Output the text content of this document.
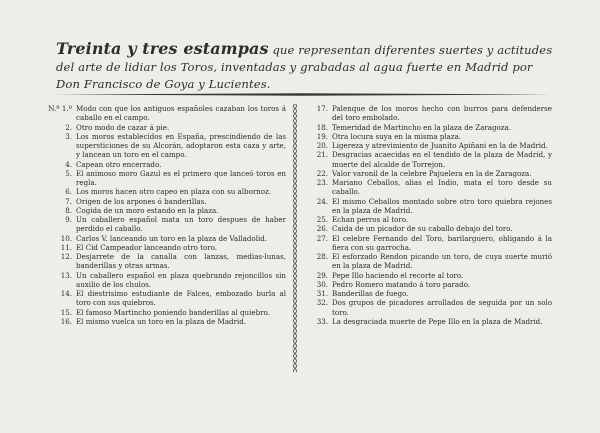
Treinta y tres estampas que representan diferentes suertes y actitudes del arte de lidiar los Toros, inventadas y grabadas al agua fuerte en Madrid por Don Francisco de Goya y Lucientes.
N.º 1.º Modo con que los antiguos españoles cazaban los toros á caballo en el campo.
2. Otro modo de cazar á pie.
3. Los moros establecidos en España, prescindiendo de las supersticiones de su Alcorán, adoptaron esta caza y arte, y lancean un toro en el campo.
4. Capean otro encerrado.
5. El animoso moro Gazul es el primero que lanceó toros en regla.
6. Los moros hacen otro capeo en plaza con su albornoz.
7. Origen de los arpones ó banderillas.
8. Cogida de un moro estando en la plaza.
9. Un caballero español mata un toro despues de haber perdido el caballo.
10. Carlos V. lanceando un toro en la plaza de Valladolid.
11. El Cid Campeador lanceando otro toro.
12. Desjarrete de la canalla con lanzas, medias-lunas, banderillas y otras armas.
13. Un caballero español en plaza quebrando rejoncillos sin auxilio de los chulos.
14. El diestrisimo estudiante de Falces, embozado burla al toro con sus quiebros.
15. El famoso Martincho poniendo banderillas al quiebro.
16. El mismo vuelca un toro en la plaza de Madrid.
17. Palenque de los moros hecho con burros para defenderse del toro embolado.
18. Temeridad de Martincho en la plaza de Zaragoza.
19. Otra locura suya en la misma plaza.
20. Ligereza y atrevimiento de Juanito Apiñani en la de Madrid.
21. Desgracias acaecidas en el tendido de la plaza de Madrid, y muerte del alcalde de Torrejon.
22. Valor varonil de la celebre Pajuelera en la de Zaragoza.
23. Mariano Ceballos, alias el Indio, mata el toro desde su caballo.
24. El mismo Ceballos montado sobre otro toro quiebra rejones en la plaza de Madrid.
25. Echan perros al toro.
26. Caida de un picador de su caballo debajo del toro.
27. El celebre Fernando del Toro, barilarguero, obligando á la fiera con su garrocha.
28. El esforzado Rendon picando un toro, de cuya suerte murió en la plaza de Madrid.
29. Pepe Illo haciendo el recorte al toro.
30. Pedro Romero matando á toro parado.
31. Banderillas de fuego.
32. Dos grupos de picadores arrollados de seguida por un solo toro.
33. La desgraciada muerte de Pepe Illo en la plaza de Madrid.
